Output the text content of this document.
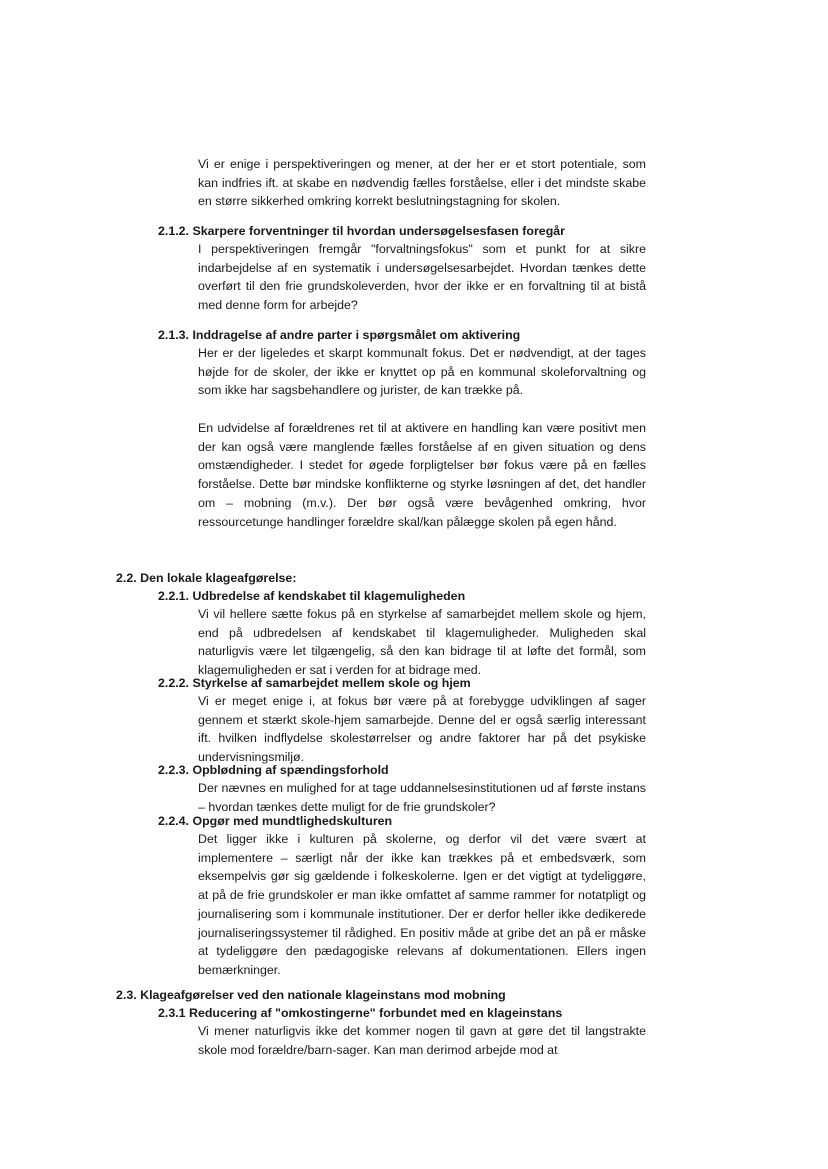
Vi er enige i perspektiveringen og mener, at der her er et stort potentiale, som kan indfries ift. at skabe en nødvendig fælles forståelse, eller i det mindste skabe en større sikkerhed omkring korrekt beslutningstagning for skolen.

2.1.2. Skarpere forventninger til hvordan undersøgelsesfasen foregår

I perspektiveringen fremgår "forvaltningsfokus" som et punkt for at sikre indarbejdelse af en systematik i undersøgelsesarbejdet. Hvordan tænkes dette overført til den frie grundskoleverden, hvor der ikke er en forvaltning til at bistå med denne form for arbejde?

2.1.3. Inddragelse af andre parter i spørgsmålet om aktivering

Her er der ligeledes et skarpt kommunalt fokus. Det er nødvendigt, at der tages højde for de skoler, der ikke er knyttet op på en kommunal skoleforvaltning og som ikke har sagsbehandlere og jurister, de kan trække på.

En udvidelse af forældrenes ret til at aktivere en handling kan være positivt men der kan også være manglende fælles forståelse af en given situation og dens omstændigheder. I stedet for øgede forpligtelser bør fokus være på en fælles forståelse. Dette bør mindske konflikterne og styrke løsningen af det, det handler om – mobning (m.v.). Der bør også være bevågenhed omkring, hvor ressourcetunge handlinger forældre skal/kan pålægge skolen på egen hånd.

2.2. Den lokale klageafgørelse:
2.2.1. Udbredelse af kendskabet til klagemuligheden

Vi vil hellere sætte fokus på en styrkelse af samarbejdet mellem skole og hjem, end på udbredelsen af kendskabet til klagemuligheder. Muligheden skal naturligvis være let tilgængelig, så den kan bidrage til at løfte det formål, som klagemuligheden er sat i verden for at bidrage med.

2.2.2. Styrkelse af samarbejdet mellem skole og hjem

Vi er meget enige i, at fokus bør være på at forebygge udviklingen af sager gennem et stærkt skole-hjem samarbejde. Denne del er også særlig interessant ift. hvilken indflydelse skolestørrelser og andre faktorer har på det psykiske undervisningsmiljø.

2.2.3. Opblødning af spændingsforhold

Der nævnes en mulighed for at tage uddannelsesinstitutionen ud af første instans – hvordan tænkes dette muligt for de frie grundskoler?

2.2.4. Opgør med mundtlighedskulturen

Det ligger ikke i kulturen på skolerne, og derfor vil det være svært at implementere – særligt når der ikke kan trækkes på et embedsværk, som eksempelvis gør sig gældende i folkeskolerne. Igen er det vigtigt at tydeliggøre, at på de frie grundskoler er man ikke omfattet af samme rammer for notatpligt og journalisering som i kommunale institutioner. Der er derfor heller ikke dedikerede journaliseringssystemer til rådighed. En positiv måde at gribe det an på er måske at tydeliggøre den pædagogiske relevans af dokumentationen. Ellers ingen bemærkninger.

2.3. Klageafgørelser ved den nationale klageinstans mod mobning
2.3.1 Reducering af "omkostingerne" forbundet med en klageinstans

Vi mener naturligvis ikke det kommer nogen til gavn at gøre det til langstrakte skole mod forældre/barn-sager. Kan man derimod arbejde mod at
